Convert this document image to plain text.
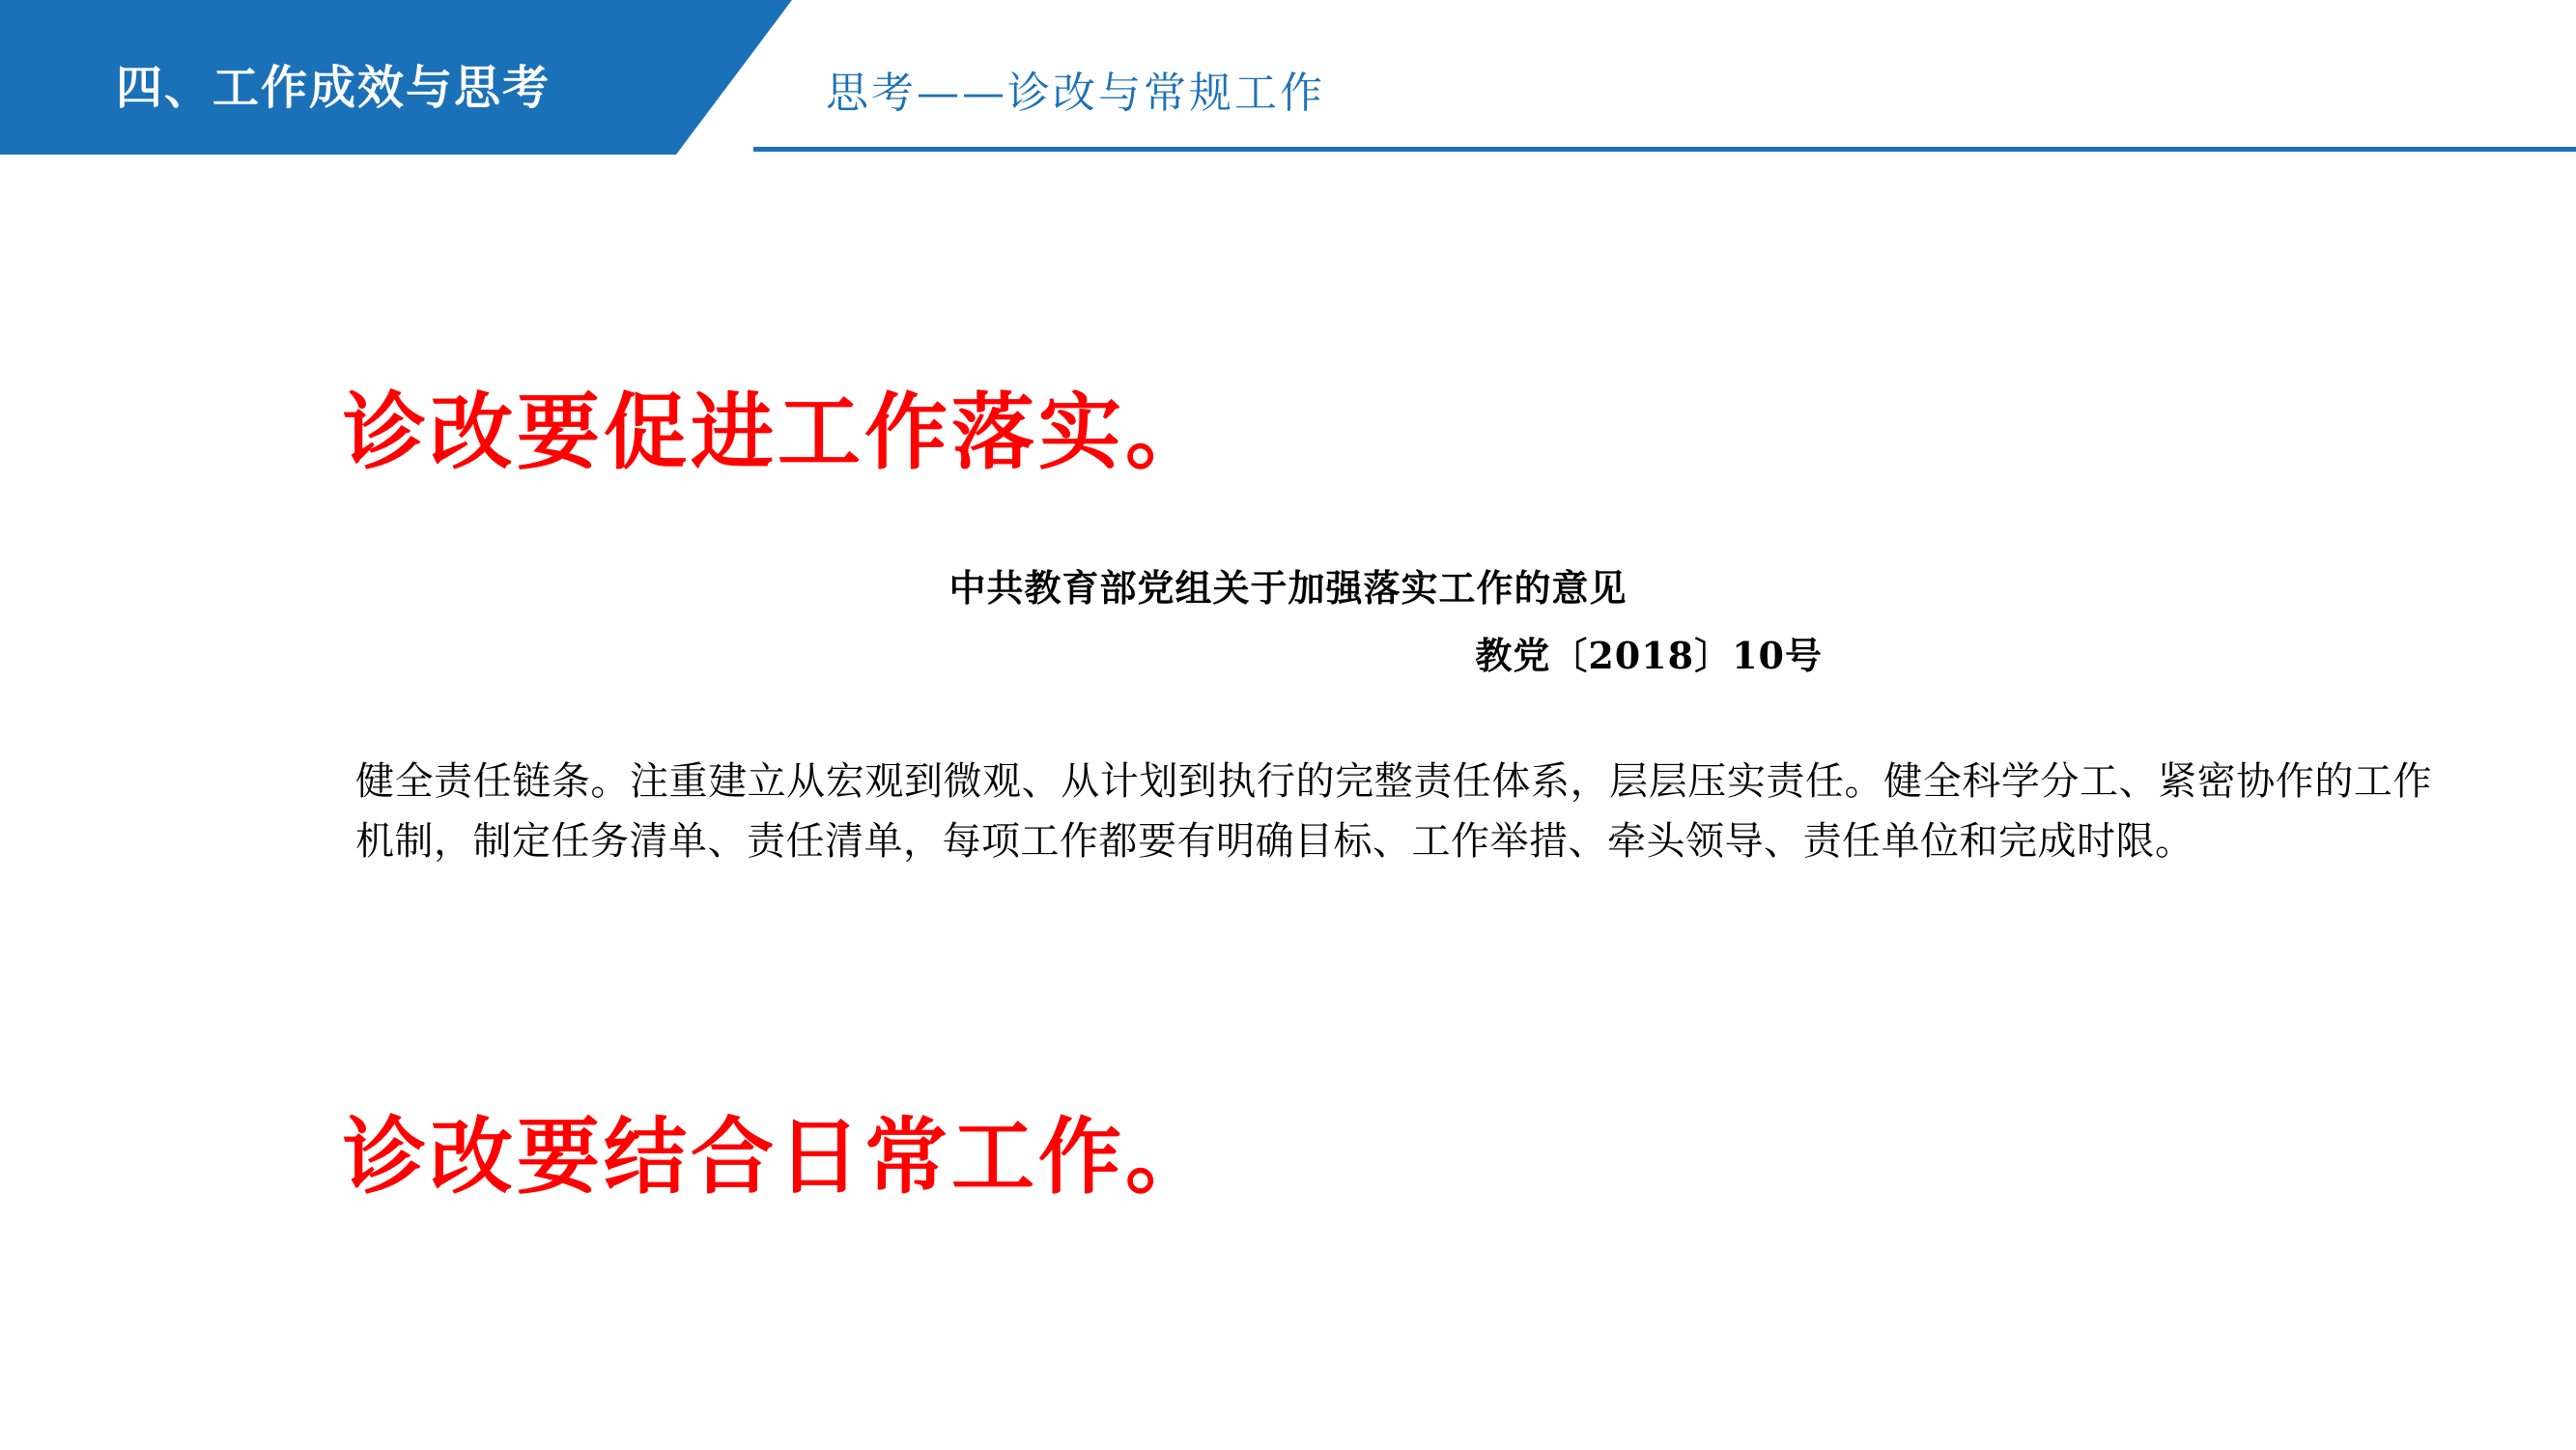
四、工作成效与思考	思考——诊改与常规工作
诊改要促进工作落实。
中共教育部党组关于加强落实工作的意见
教党〔2018〕10号
健全责任链条。注重建立从宏观到微观、从计划到执行的完整责任体系，层层压实责任。健全科学分工、紧密协作的工作机制，制定任务清单、责任清单，每项工作都要有明确目标、工作举措、牵头领导、责任单位和完成时限。
诊改要结合日常工作。
